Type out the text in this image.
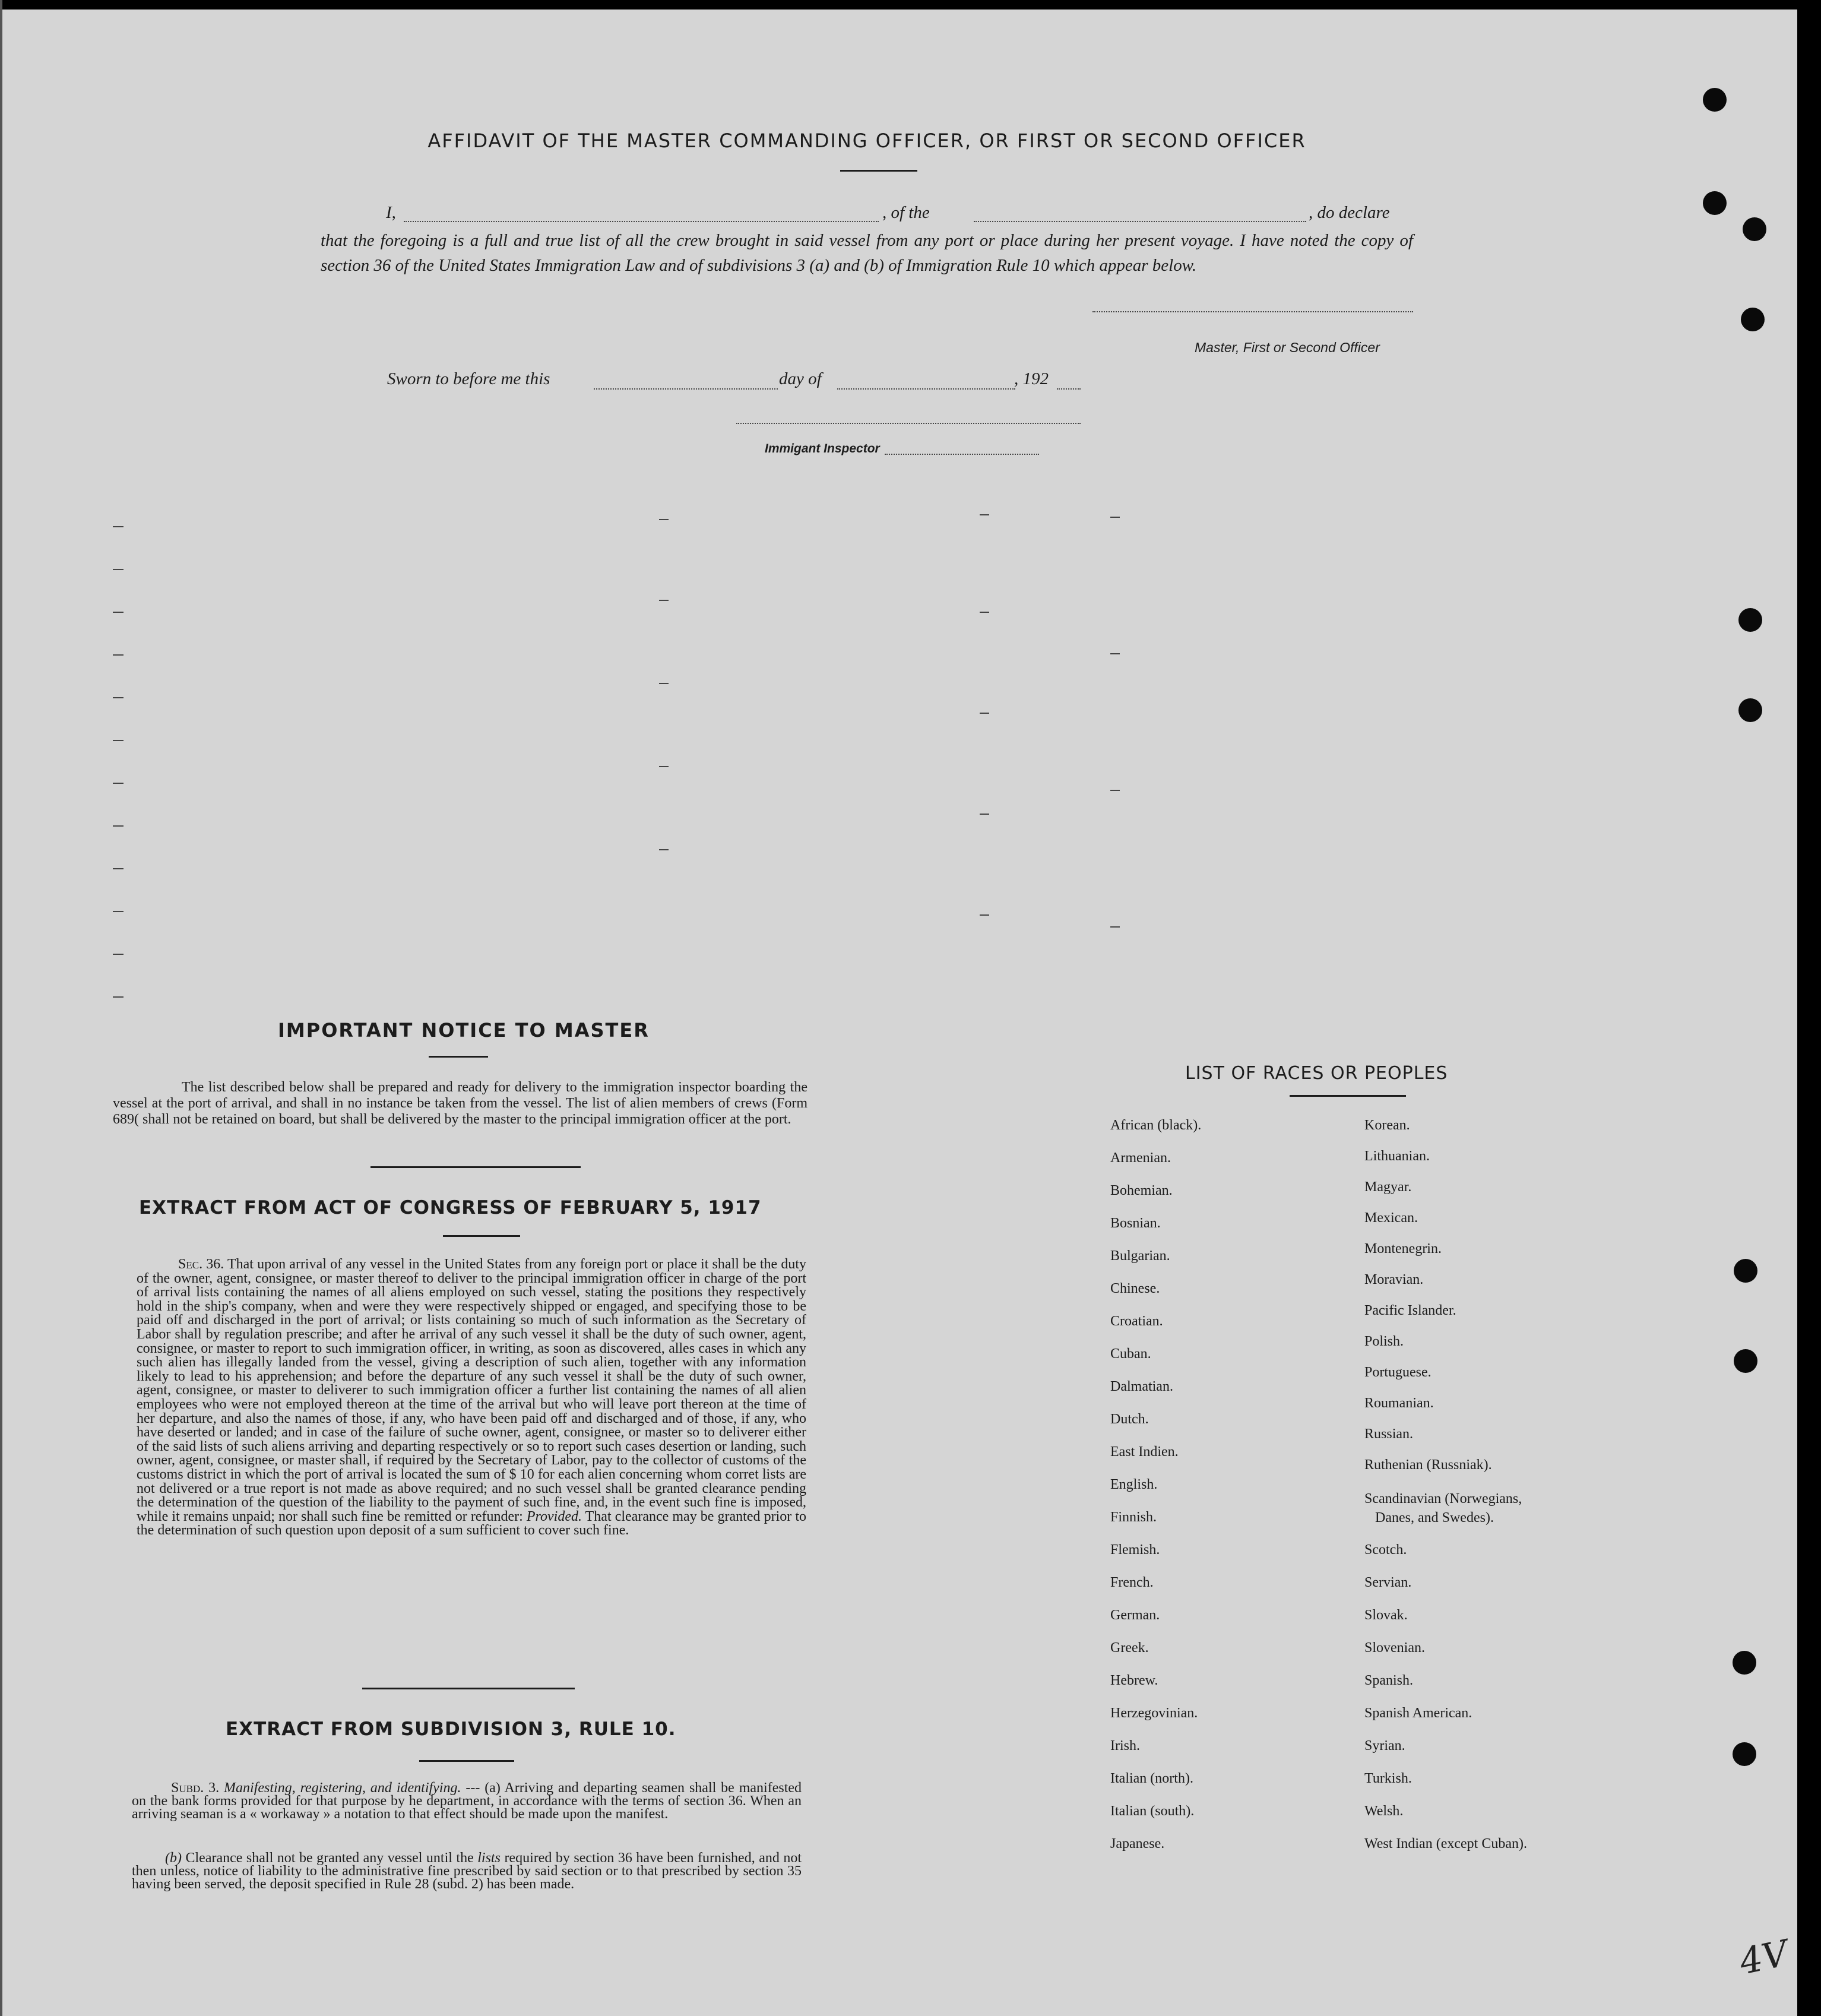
AFFIDAVIT OF THE MASTER COMMANDING OFFICER, OR FIRST OR SECOND OFFICER
I,	, of the	, do declare

that the foregoing is a full and true list of all the crew brought in said vessel from any port or place during her present voyage. I have noted the copy of section 36 of the United States Immigration Law and of subdivisions 3 (a) and (b) of Immigration Rule 10 which appear below.

Master, First or Second Officer
Sworn to before me this	day of	, 192
Immigant Inspector
IMPORTANT NOTICE TO MASTER

The list described below shall be prepared and ready for delivery to the immigration inspector boarding the vessel at the port of arrival, and shall in no instance be taken from the vessel. The list of alien members of crews (Form 689( shall not be retained on board, but shall be delivered by the master to the principal immigration officer at the port.

EXTRACT FROM ACT OF CONGRESS OF FEBRUARY 5, 1917

Sec. 36. That upon arrival of any vessel in the United States from any foreign port or place it shall be the duty of the owner, agent, consignee, or master thereof to deliver to the principal immigration officer in charge of the port of arrival lists containing the names of all aliens employed on such vessel, stating the positions they respectively hold in the ship's company, when and were they were respectively shipped or engaged, and specifying those to be paid off and discharged in the port of arrival; or lists containing so much of such information as the Secretary of Labor shall by regulation prescribe; and after he arrival of any such vessel it shall be the duty of such owner, agent, consignee, or master to report to such immigration officer, in writing, as soon as discovered, alles cases in which any such alien has illegally landed from the vessel, giving a description of such alien, together with any information likely to lead to his apprehension; and before the departure of any such vessel it shall be the duty of such owner, agent, consignee, or master to deliverer to such immigration officer a further list containing the names of all alien employees who were not employed thereon at the time of the arrival but who will leave port thereon at the time of her departure, and also the names of those, if any, who have been paid off and discharged and of those, if any, who have deserted or landed; and in case of the failure of suche owner, agent, consignee, or master so to deliverer either of the said lists of such aliens arriving and departing respectively or so to report such cases desertion or landing, such owner, agent, consignee, or master shall, if required by the Secretary of Labor, pay to the collector of customs of the customs district in which the port of arrival is located the sum of $ 10 for each alien concerning whom corret lists are not delivered or a true report is not made as above required; and no such vessel shall be granted clearance pending the determination of the question of the liability to the payment of such fine, and, in the event such fine is imposed, while it remains unpaid; nor shall such fine be remitted or refunder: Provided. That clearance may be granted prior to the determination of such question upon deposit of a sum sufficient to cover such fine.

EXTRACT FROM SUBDIVISION 3, RULE 10.

Subd. 3. Manifesting, registering, and identifying. --- (a) Arriving and departing seamen shall be manifested on the bank forms provided for that purpose by he department, in accordance with the terms of section 36. When an arriving seaman is a « workaway » a notation to that effect should be made upon the manifest.

(b) Clearance shall not be granted any vessel until the lists required by section 36 have been furnished, and not then unless, notice of liability to the administrative fine prescribed by said section or to that prescribed by section 35 having been served, the deposit specified in Rule 28 (subd. 2) has been made.

LIST OF RACES OR PEOPLES
African (black).
Armenian.
Bohemian.
Bosnian.
Bulgarian.
Chinese.
Croatian.
Cuban.
Dalmatian.
Dutch.
East Indien.
English.
Finnish.
Flemish.
French.
German.
Greek.
Hebrew.
Herzegovinian.
Irish.
Italian (north).
Italian (south).
Japanese.
Korean.
Lithuanian.
Magyar.
Mexican.
Montenegrin.
Moravian.
Pacific Islander.
Polish.
Portuguese.
Roumanian.
Russian.
Ruthenian (Russniak).
Scandinavian (Norwegians,
Danes, and Swedes).
Scotch.
Servian.
Slovak.
Slovenian.
Spanish.
Spanish American.
Syrian.
Turkish.
Welsh.
West Indian (except Cuban).
4V
